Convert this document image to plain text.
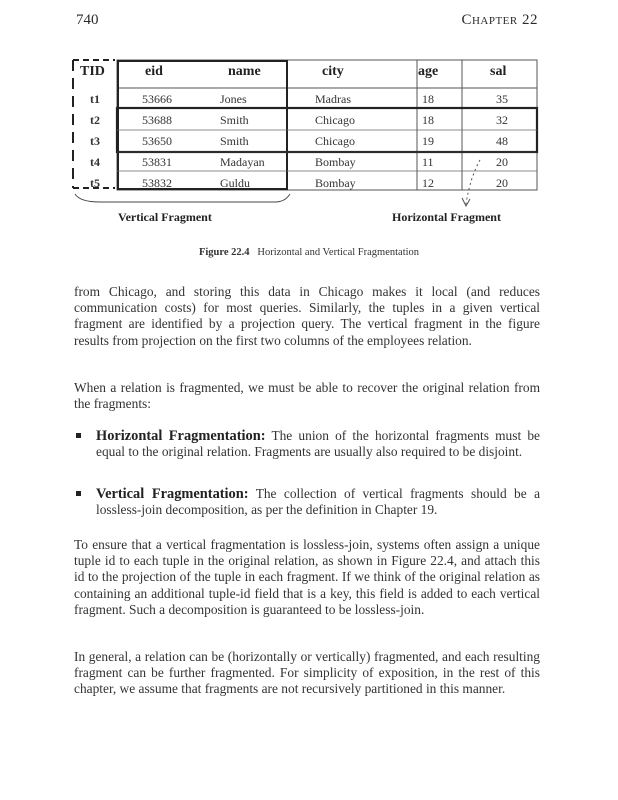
740	Chapter 22
TID	eid	name	city	age	sal
t1	53666	Jones	Madras	18	35
t2	53688	Smith	Chicago	18	32
t3	53650	Smith	Chicago	19	48
t4	53831	Madayan	Bombay	11	20
t5	53832	Guldu	Bombay	12	20
Vertical Fragment	Horizontal Fragment
Figure 22.4 Horizontal and Vertical Fragmentation
from Chicago, and storing this data in Chicago makes it local (and reduces communication costs) for most queries. Similarly, the tuples in a given vertical fragment are identified by a projection query. The vertical fragment in the figure results from projection on the first two columns of the employees relation.
When a relation is fragmented, we must be able to recover the original relation from the fragments:
Horizontal Fragmentation: The union of the horizontal fragments must be equal to the original relation. Fragments are usually also required to be disjoint.
Vertical Fragmentation: The collection of vertical fragments should be a lossless-join decomposition, as per the definition in Chapter 19.
To ensure that a vertical fragmentation is lossless-join, systems often assign a unique tuple id to each tuple in the original relation, as shown in Figure 22.4, and attach this id to the projection of the tuple in each fragment. If we think of the original relation as containing an additional tuple-id field that is a key, this field is added to each vertical fragment. Such a decomposition is guaranteed to be lossless-join.
In general, a relation can be (horizontally or vertically) fragmented, and each resulting fragment can be further fragmented. For simplicity of exposition, in the rest of this chapter, we assume that fragments are not recursively partitioned in this manner.
